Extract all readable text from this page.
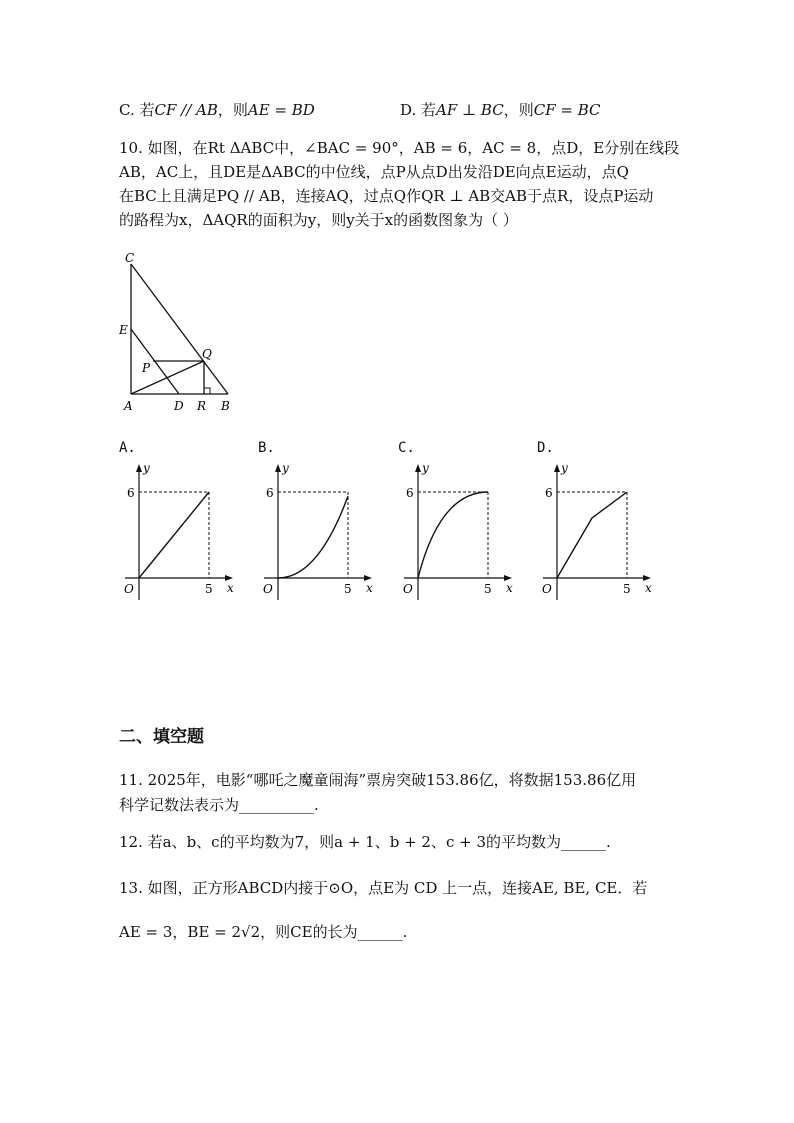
C. 若CF // AB，则AE = BD	D. 若AF ⊥ BC，则CF = BC
10. 如图，在Rt ΔABC中，∠BAC = 90°，AB = 6，AC = 8，点D，E分别在线段
AB，AC上，且DE是ΔABC的中位线，点P从点D出发沿DE向点E运动，点Q
在BC上且满足PQ // AB，连接AQ，过点Q作QR ⊥ AB交AB于点R，设点P运动
的路程为x，ΔAQR的面积为y，则y关于x的函数图象为（ ）
C
E
P
Q
A	D R B
A.	B.	C.	D.
y
x
O
6
5
y
x
O
6
5
y
x
O
6
5
y
x
O
6
5
二、填空题
11. 2025年，电影“哪吒之魔童闹海”票房突破153.86亿，将数据153.86亿用
科学记数法表示为__________.
12. 若a、b、c的平均数为7，则a + 1、b + 2、c + 3的平均数为______.
13. 如图，正方形ABCD内接于⊙O，点E为 CD 上一点，连接AE, BE, CE．若
AE = 3，BE = 2√2，则CE的长为______.
